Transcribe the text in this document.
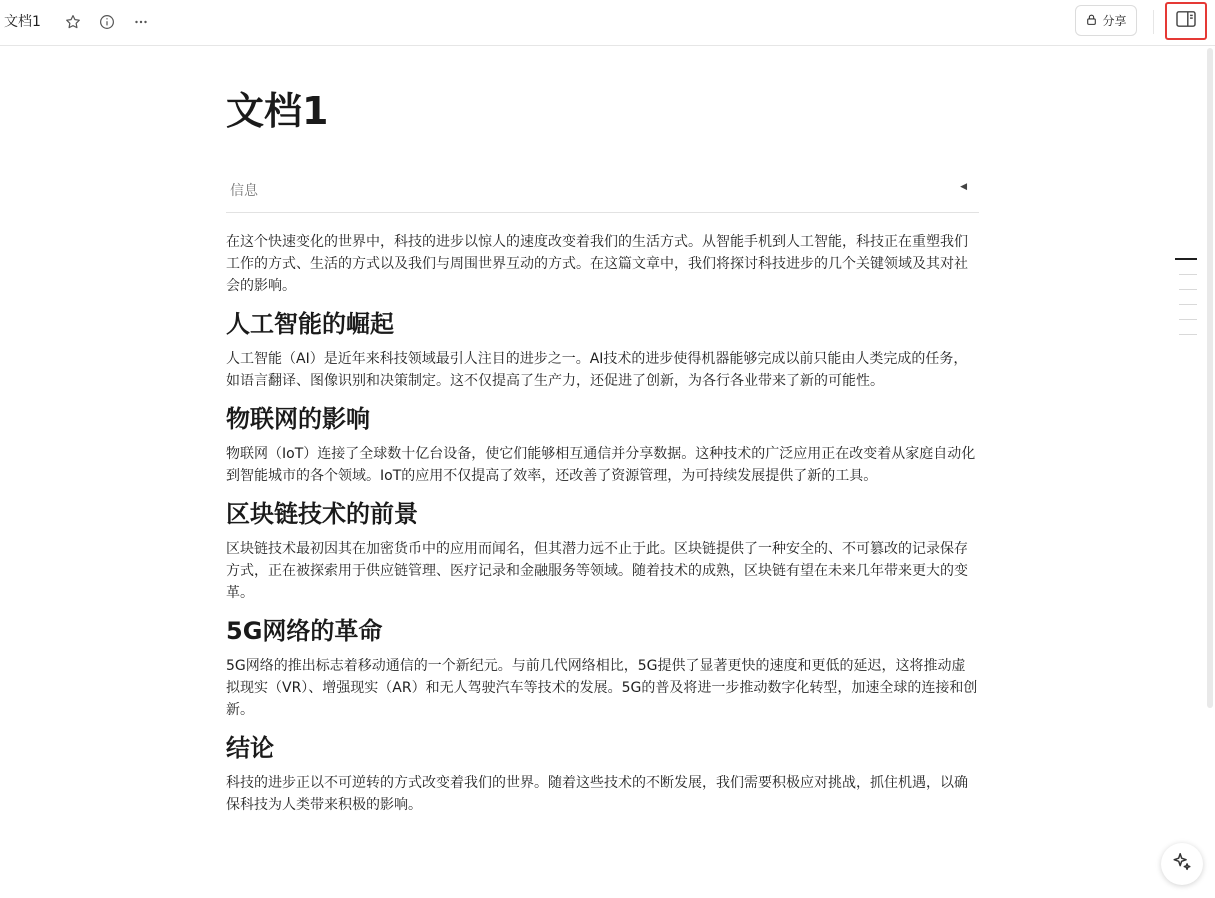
文档1	分享
文档1
信息	◀

在这个快速变化的世界中，科技的进步以惊人的速度改变着我们的生活方式。从智能手机到人工智能，科技正在重塑我们工作的方式、生活的方式以及我们与周围世界互动的方式。在这篇文章中，我们将探讨科技进步的几个关键领域及其对社会的影响。

人工智能的崛起

人工智能（AI）是近年来科技领域最引人注目的进步之一。AI技术的进步使得机器能够完成以前只能由人类完成的任务，如语言翻译、图像识别和决策制定。这不仅提高了生产力，还促进了创新，为各行各业带来了新的可能性。

物联网的影响

物联网（IoT）连接了全球数十亿台设备，使它们能够相互通信并分享数据。这种技术的广泛应用正在改变着从家庭自动化到智能城市的各个领域。IoT的应用不仅提高了效率，还改善了资源管理，为可持续发展提供了新的工具。

区块链技术的前景

区块链技术最初因其在加密货币中的应用而闻名，但其潜力远不止于此。区块链提供了一种安全的、不可篡改的记录保存方式，正在被探索用于供应链管理、医疗记录和金融服务等领域。随着技术的成熟，区块链有望在未来几年带来更大的变革。

5G网络的革命

5G网络的推出标志着移动通信的一个新纪元。与前几代网络相比，5G提供了显著更快的速度和更低的延迟，这将推动虚拟现实（VR）、增强现实（AR）和无人驾驶汽车等技术的发展。5G的普及将进一步推动数字化转型，加速全球的连接和创新。

结论

科技的进步正以不可逆转的方式改变着我们的世界。随着这些技术的不断发展，我们需要积极应对挑战，抓住机遇，以确保科技为人类带来积极的影响。
